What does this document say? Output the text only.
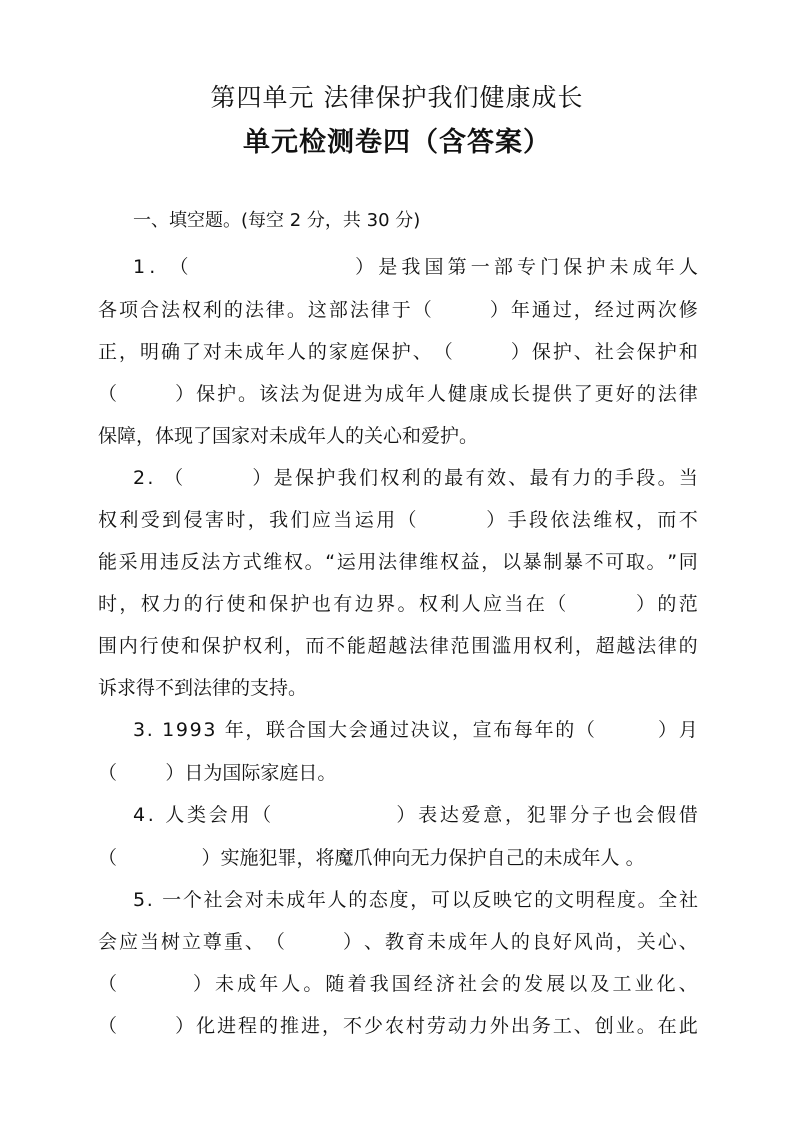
第四单元 法律保护我们健康成长
单元检测卷四（含答案）
一、填空题。(每空 2 分，共 30 分)
1 .
（

	） 是 我 国 第 一 部 专 门 保 护 未 成 年 人
各 项 合 法 权 利 的 法 律 。 这 部 法 律 于 （

	） 年 通 过 ， 经 过 两 次 修
正 ， 明 确 了 对 未 成 年 人 的 家 庭 保 护 、 （

	） 保 护 、 社 会 保 护 和
（

	） 保 护 。 该 法 为 促 进 为 成 年 人 健 康 成 长 提 供 了 更 好 的 法 律
保障，体现了国家对未成年人的关心和爱护。
2 .
（

	） 是 保 护 我 们 权 利 的 最 有 效 、 最 有 力 的 手 段 。 当
权 利 受 到 侵 害 时 ， 我 们 应 当 运 用 （

	） 手 段 依 法 维 权 ， 而 不
能 采 用 违 反 法 方 式 维 权 。 “ 运 用 法 律 维 权 益 ， 以 暴 制 暴 不 可 取 。 ” 同
时 ， 权 力 的 行 使 和 保 护 也 有 边 界 。 权 利 人 应 当 在 （

	） 的 范
围 内 行 使 和 保 护 权 利 ， 而 不 能 超 越 法 律 范 围 滥 用 权 利 ， 超 越 法 律 的
诉求得不到法律的支持。
3 .
1 9 9 3
年 ， 联 合 国 大 会 通 过 决 议 ， 宣 布 每 年 的 （

	） 月
（        ）日为国际家庭日。
4 .
人 类 会 用 （

	） 表 达 爱 意 ， 犯 罪 分 子 也 会 假 借
（              ）实施犯罪，将魔爪伸向无力保护自己的未成年人 。
5 .
一 个 社 会 对 未 成 年 人 的 态 度 ， 可 以 反 映 它 的 文 明 程 度 。 全 社
会 应 当 树 立 尊 重 、 （

	） 、 教 育 未 成 年 人 的 良 好 风 尚 ， 关 心 、
（

	） 未 成 年 人 。 随 着 我 国 经 济 社 会 的 发 展 以 及 工 业 化 、
（

	） 化 进 程 的 推 进 ， 不 少 农 村 劳 动 力 外 出 务 工 、 创 业 。 在 此
